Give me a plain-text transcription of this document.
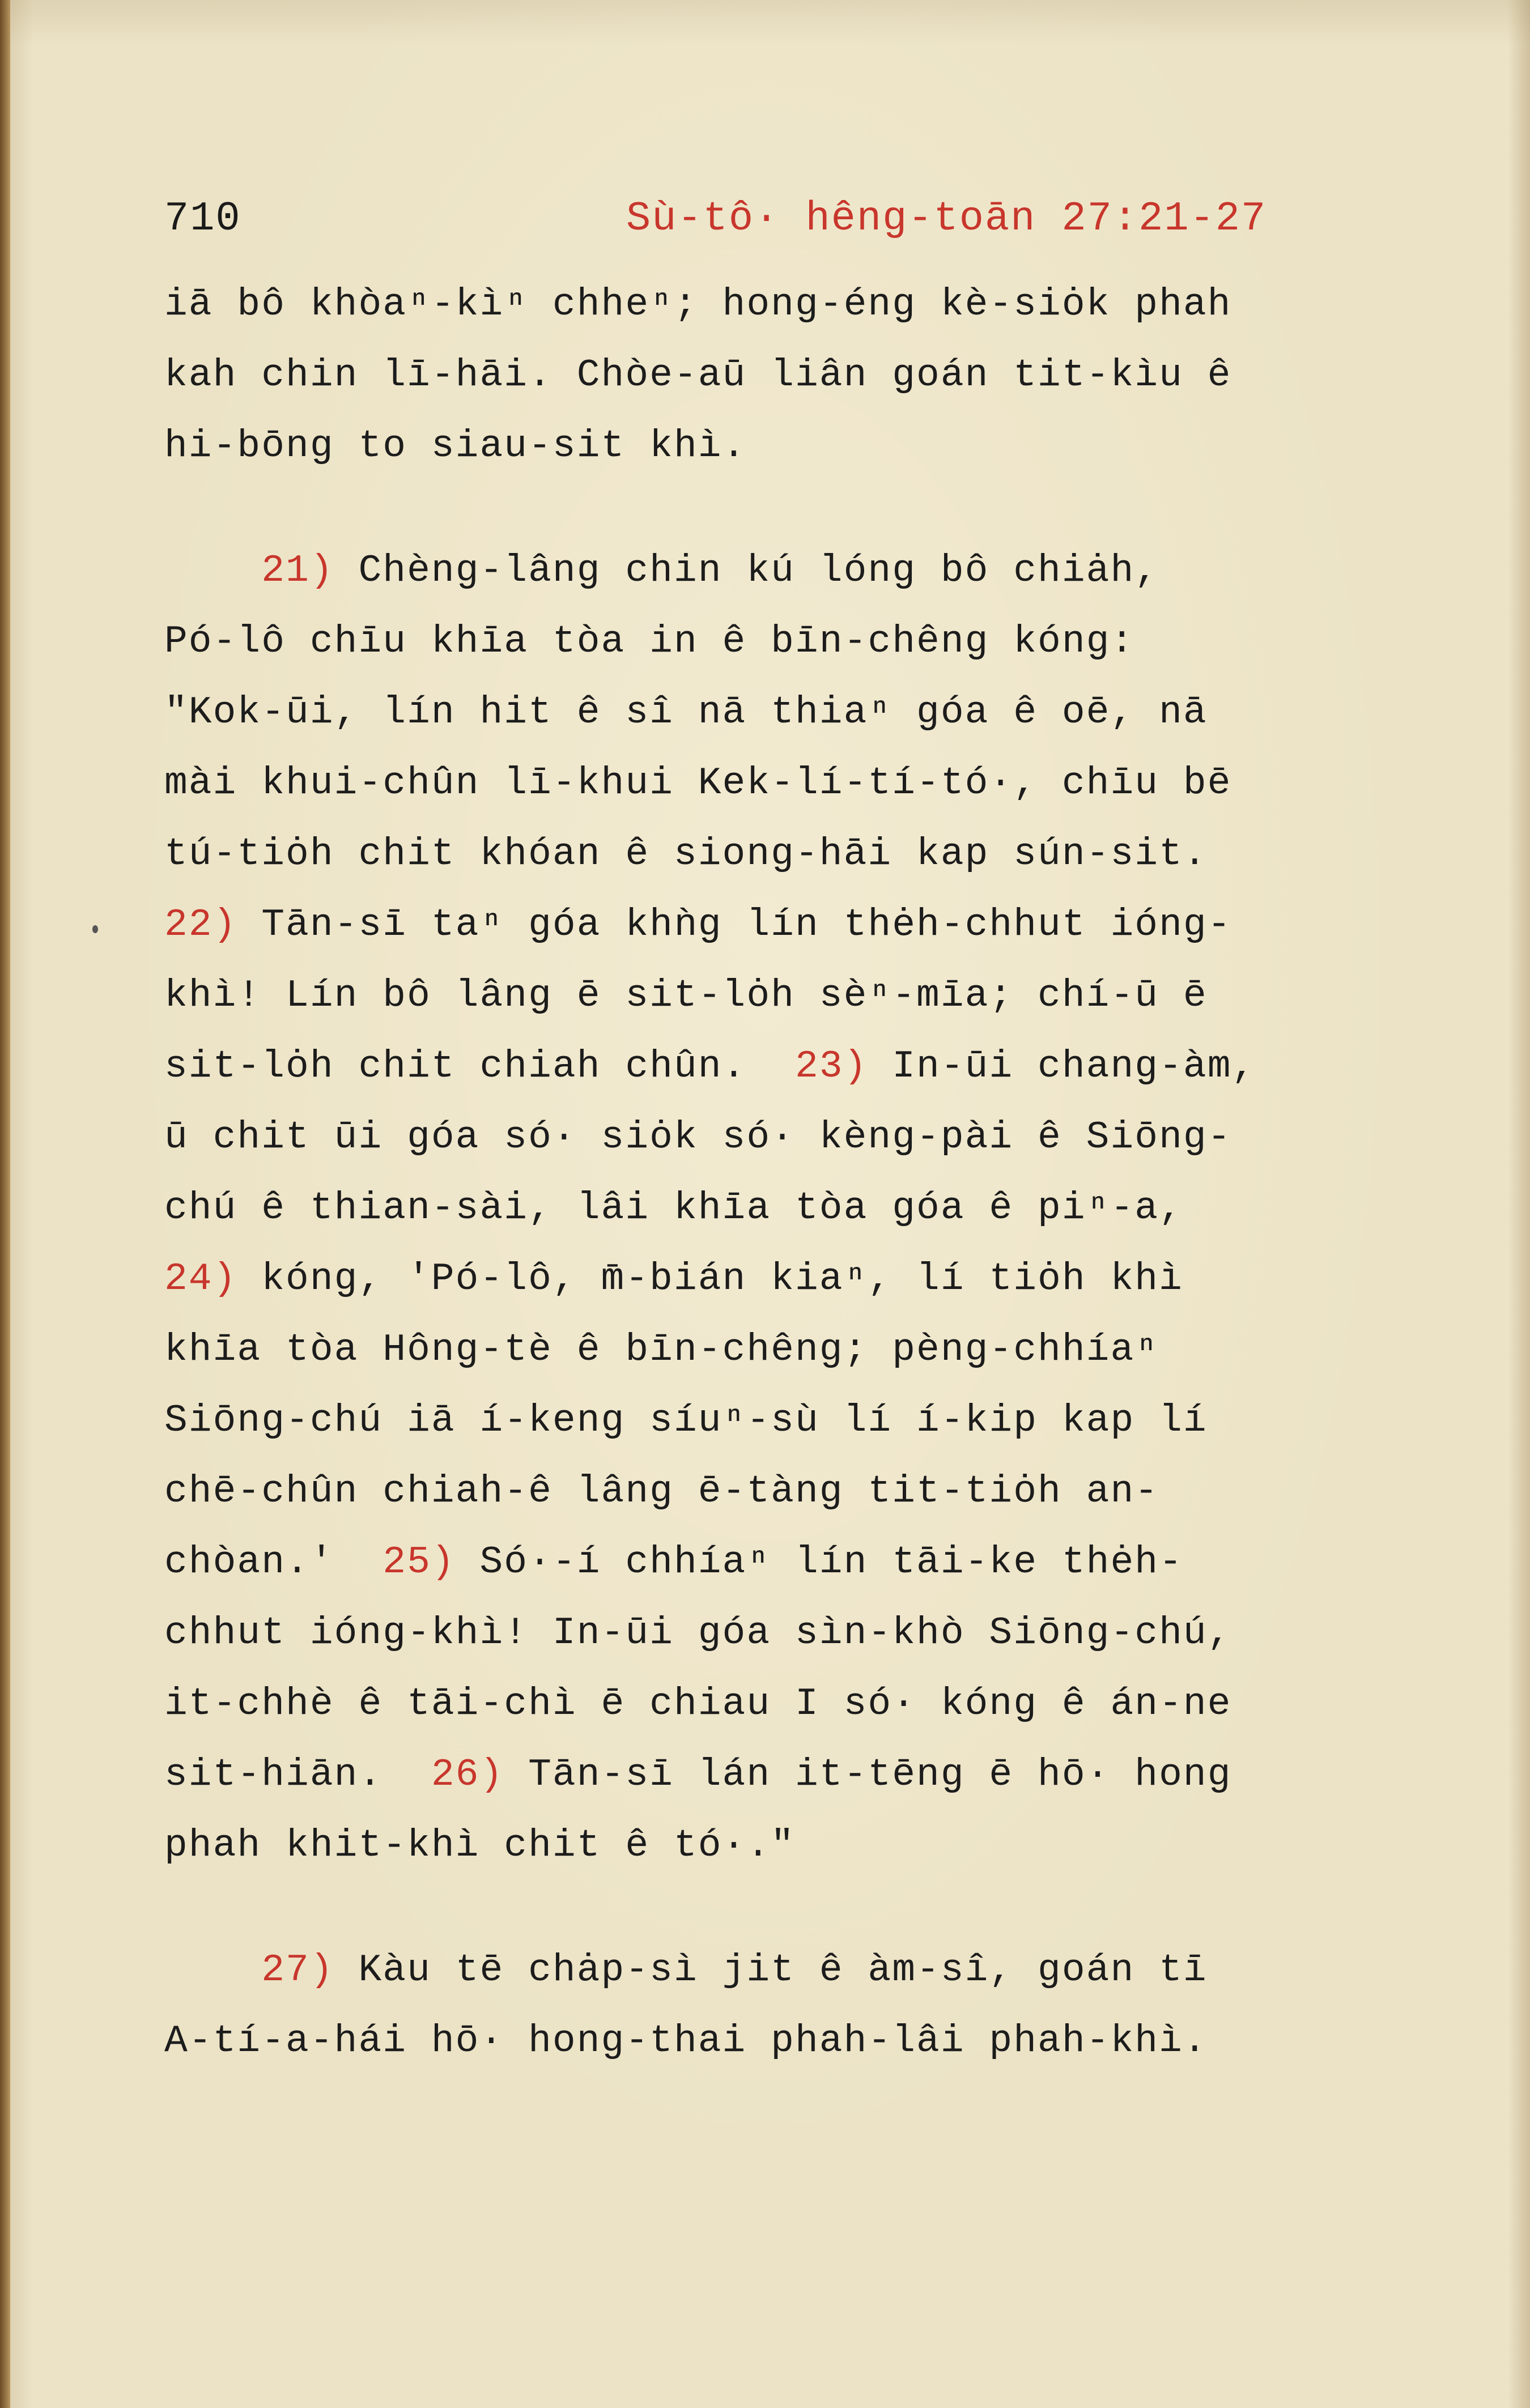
710	Sù-tô· hêng-toān 27:21-27
iā bô khòaⁿ-kìⁿ chheⁿ; hong-éng kè-siȯk phah
kah chin lī-hāi. Chòe-aū liân goán tit-kìu ê
hi-bōng to siau-sit khì.
21) Chèng-lâng chin kú lóng bô chiȧh,
Pó-lô chīu khīa tòa in ê bīn-chêng kóng:
"Kok-ūi, lín hit ê sî nā thiaⁿ góa ê oē, nā
mài khui-chûn lī-khui Kek-lí-tí-tó·, chīu bē
tú-tiȯh chit khóan ê siong-hāi kap sún-sit.
22) Tān-sī taⁿ góa khǹg lín thėh-chhut ióng-
khì! Lín bô lâng ē sit-lȯh sèⁿ-mīa; chí-ū ē
sit-lȯh chit chiah chûn.  23) In-ūi chang-àm,
ū chit ūi góa só· siȯk só· kèng-pài ê Siōng-
chú ê thian-sài, lâi khīa tòa góa ê piⁿ-a,
24) kóng, 'Pó-lô, m̄-bián kiaⁿ, lí tiȯh khì
khīa tòa Hông-tè ê bīn-chêng; pèng-chhíaⁿ
Siōng-chú iā í-keng síuⁿ-sù lí í-kip kap lí
chē-chûn chiah-ê lâng ē-tàng tit-tiȯh an-
chòan.'  25) Só·-í chhíaⁿ lín tāi-ke thėh-
chhut ióng-khì! In-ūi góa sìn-khò Siōng-chú,
it-chhè ê tāi-chì ē chiau I só· kóng ê án-ne
sit-hiān.  26) Tān-sī lán it-tēng ē hō· hong
phah khit-khì chit ê tó·."
27) Kàu tē chȧp-sì jit ê àm-sî, goán tī
A-tí-a-hái hō· hong-thai phah-lâi phah-khì.
